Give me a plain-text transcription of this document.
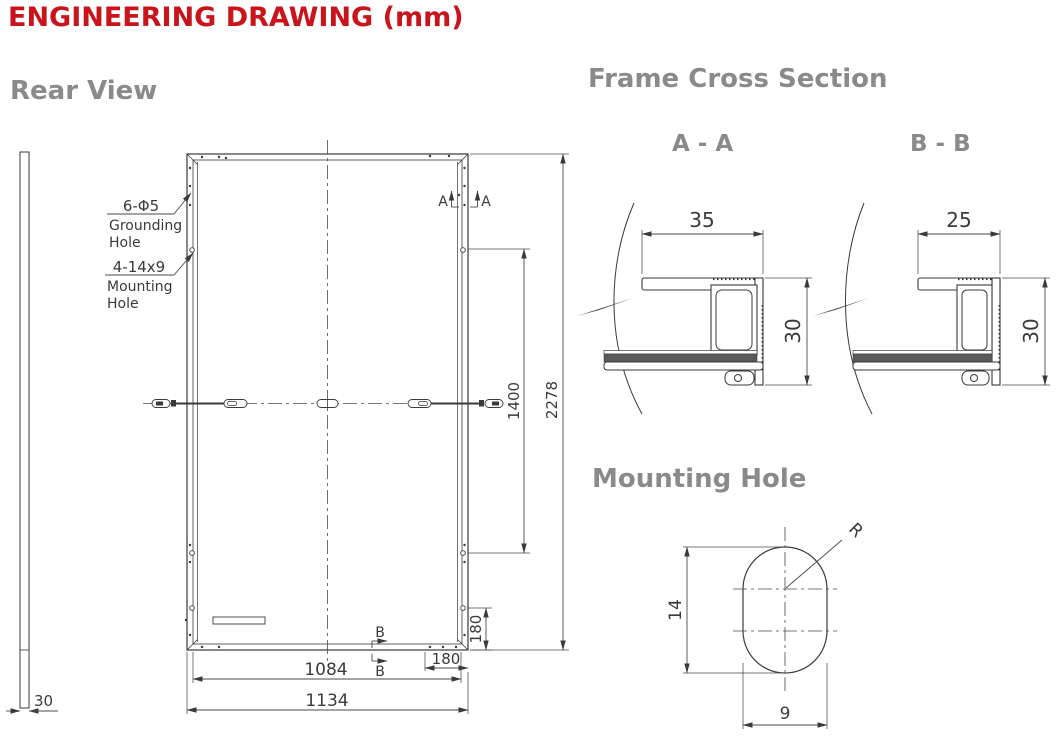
ENGINEERING DRAWING (mm)
Rear View	Frame Cross Section
A - A	B - B
Mounting Hole
30
6-Φ5
Grounding
Hole
4-14x9
Mounting
Hole
A A
B
B
1400 2278
180
180
1084
1134
35
30
25
30
14
9
R
